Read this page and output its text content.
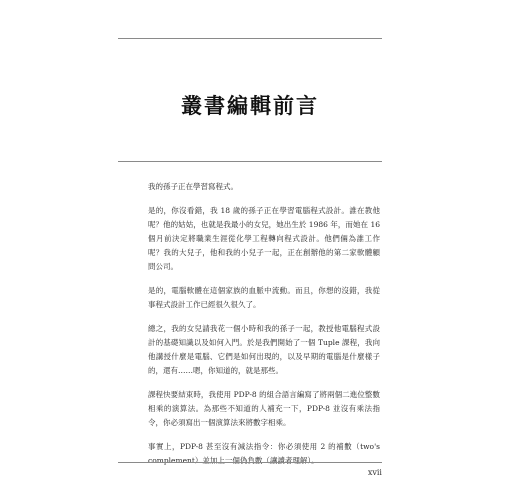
叢書編輯前言

我的孫子正在學習寫程式。

是的，你沒看錯，我 18 歲的孫子正在學習電腦程式設計。誰在教他呢？他的姑姑，也就是我最小的女兒，她出生於 1986 年，而她在 16 個月前決定將職業生涯從化學工程轉向程式設計。他們倆為誰工作呢？我的大兒子，他和我的小兒子一起，正在創辦他的第二家軟體顧問公司。

是的，電腦軟體在這個家族的血脈中流動。而且，你想的沒錯，我從事程式設計工作已經很久很久了。

總之，我的女兒請我花一個小時和我的孫子一起，教授他電腦程式設計的基礎知識以及如何入門。於是我們開始了一個 Tuple 課程，我向他講授什麼是電腦、它們是如何出現的，以及早期的電腦是什麼樣子的，還有……嗯，你知道的，就是那些。

課程快要結束時，我使用 PDP-8 的組合語言編寫了將兩個二進位整數相乘的演算法。為那些不知道的人補充一下，PDP-8 並沒有乘法指令，你必須寫出一個演算法來將數字相乘。

事實上，PDP-8 甚至沒有減法指令：你必須使用 2 的補數（two's complement）並加上一個偽負數（讓讀者理解）。

xvii
